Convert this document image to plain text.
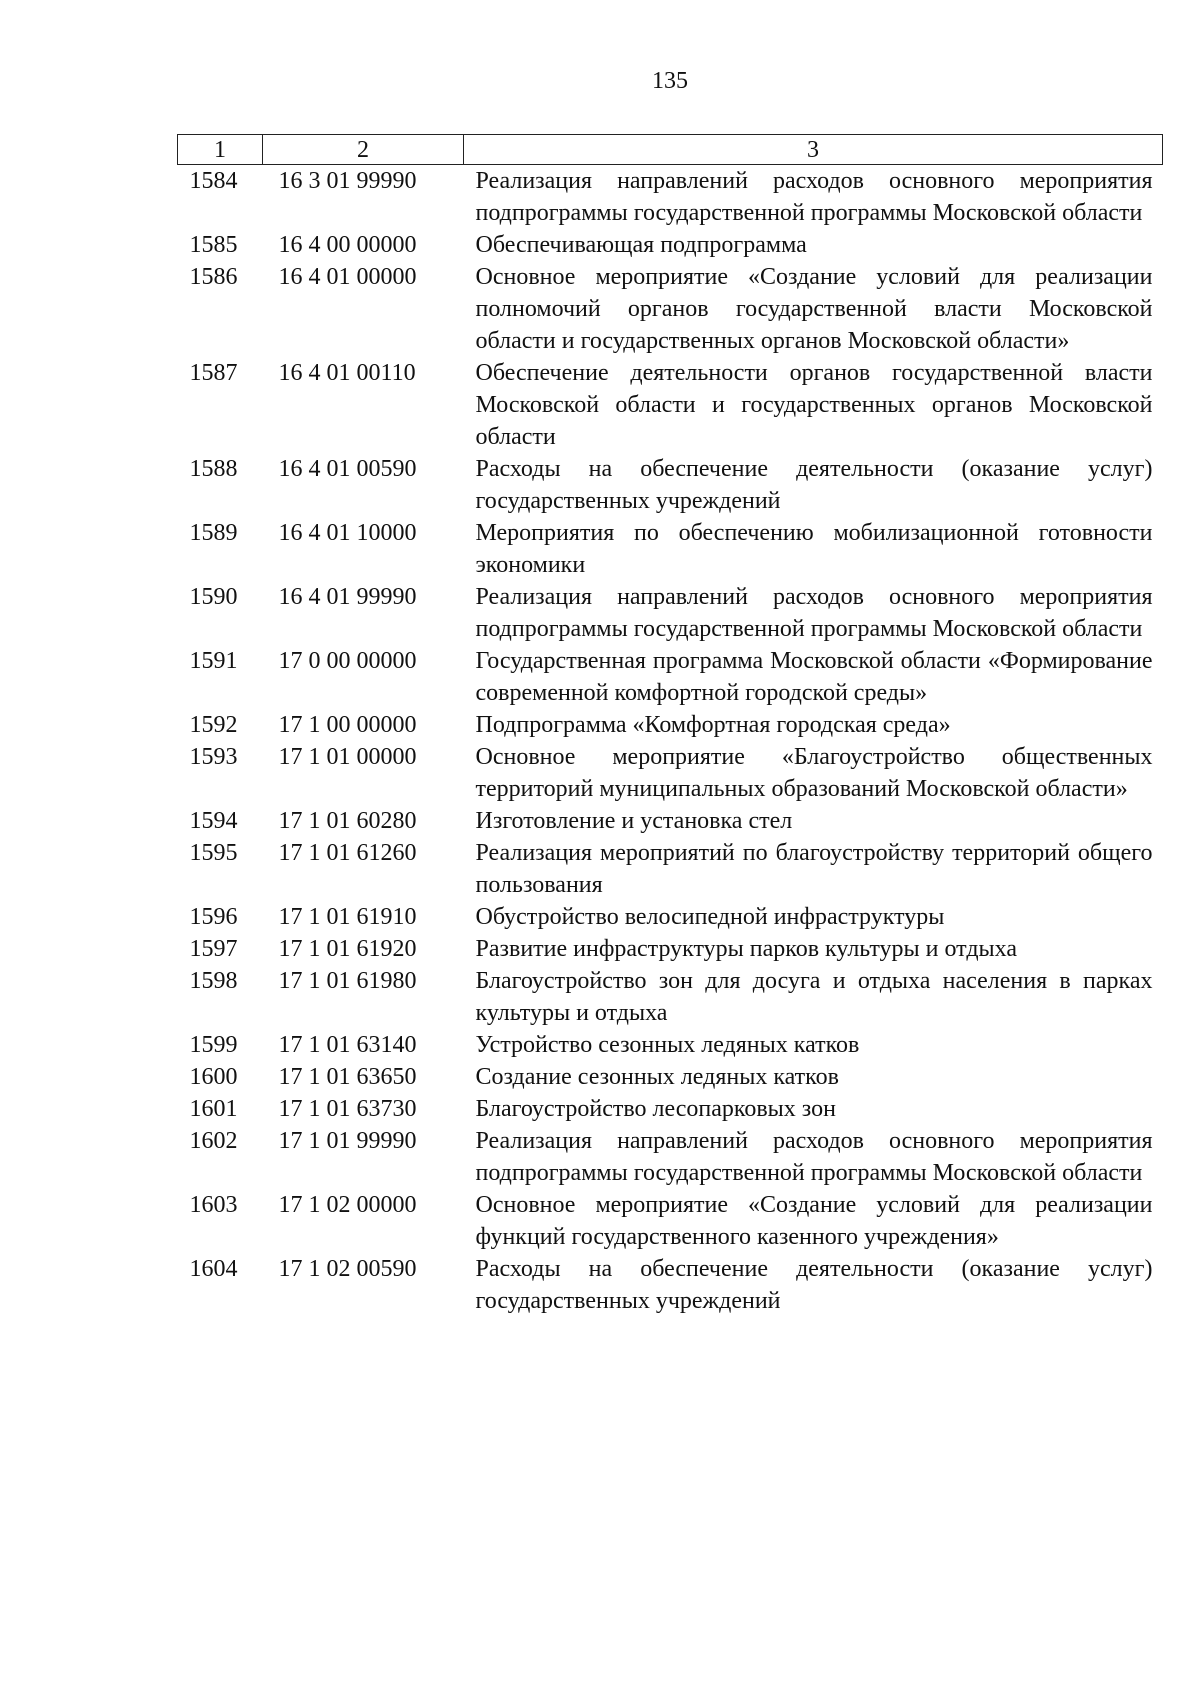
135
1	2	3
1584	16 3 01 99990	Реализация направлений расходов основного мероприятия подпрограммы государственной программы Московской области
1585	16 4 00 00000	Обеспечивающая подпрограмма
1586	16 4 01 00000	Основное мероприятие «Создание условий для реализации полномочий органов государственной власти Московской области и государственных органов Московской области»
1587	16 4 01 00110	Обеспечение деятельности органов государственной власти Московской области и государственных органов Московской области
1588	16 4 01 00590	Расходы на обеспечение деятельности (оказание услуг) государственных учреждений
1589	16 4 01 10000	Мероприятия по обеспечению мобилизационной готовности экономики
1590	16 4 01 99990	Реализация направлений расходов основного мероприятия подпрограммы государственной программы Московской области
1591	17 0 00 00000	Государственная программа Московской области «Формирование современной комфортной городской среды»
1592	17 1 00 00000	Подпрограмма «Комфортная городская среда»
1593	17 1 01 00000	Основное мероприятие «Благоустройство общественных территорий муниципальных образований Московской области»
1594	17 1 01 60280	Изготовление и установка стел
1595	17 1 01 61260	Реализация мероприятий по благоустройству территорий общего пользования
1596	17 1 01 61910	Обустройство велосипедной инфраструктуры
1597	17 1 01 61920	Развитие инфраструктуры парков культуры и отдыха
1598	17 1 01 61980	Благоустройство зон для досуга и отдыха населения в парках культуры и отдыха
1599	17 1 01 63140	Устройство сезонных ледяных катков
1600	17 1 01 63650	Создание сезонных ледяных катков
1601	17 1 01 63730	Благоустройство лесопарковых зон
1602	17 1 01 99990	Реализация направлений расходов основного мероприятия подпрограммы государственной программы Московской области
1603	17 1 02 00000	Основное мероприятие «Создание условий для реализации функций государственного казенного учреждения»
1604	17 1 02 00590	Расходы на обеспечение деятельности (оказание услуг) государственных учреждений
